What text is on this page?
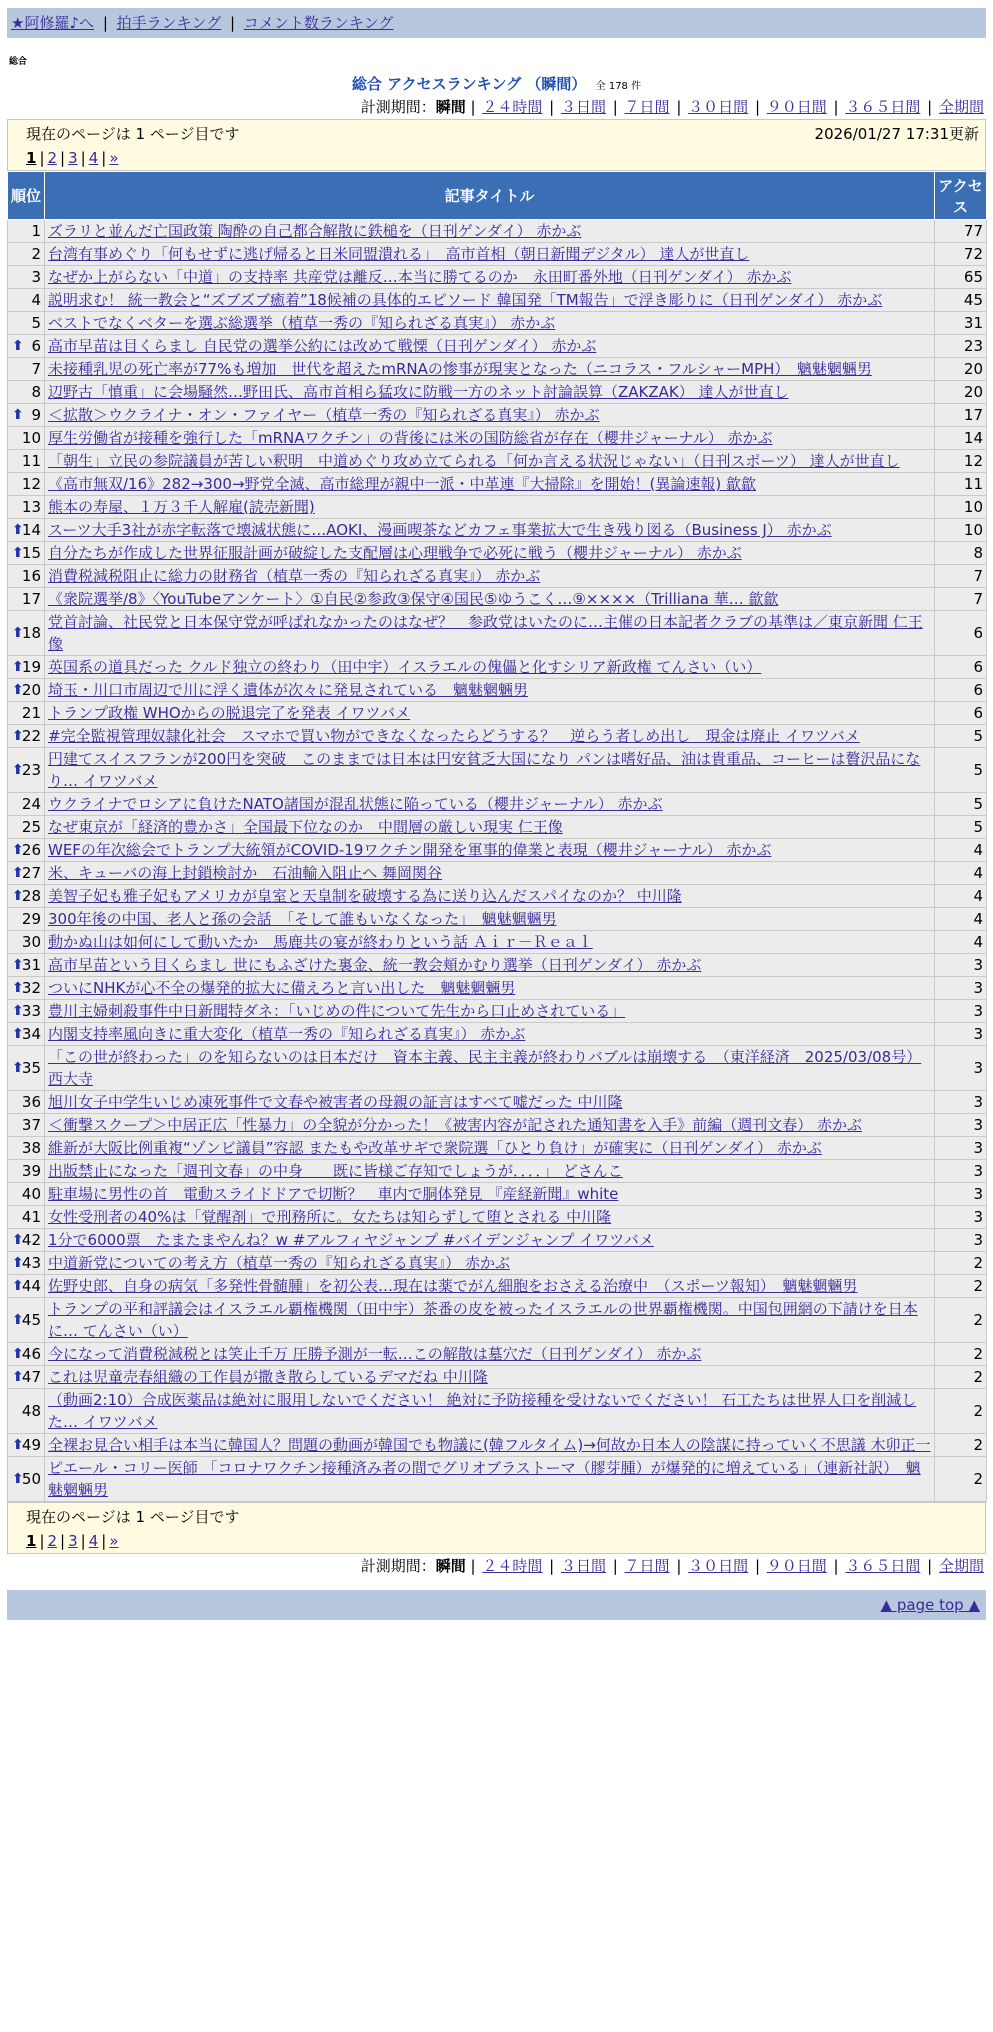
★阿修羅♪へ | 拍手ランキング | コメント数ランキング
総合
総合 アクセスランキング （瞬間） 全 178 件
計測期間：瞬間 | ２４時間 | ３日間 | ７日間 | ３０日間 | ９０日間 | ３６５日間 | 全期間
現在のページは 1 ページ目です	2026/01/27 17:31更新
1 | 2 | 3 | 4 | »
順位	記事タイトル	アクセス
1	ズラリと並んだ亡国政策 陶酔の自己都合解散に鉄槌を（日刊ゲンダイ） 赤かぶ	77
2	台湾有事めぐり「何もせずに逃げ帰ると日米同盟潰れる」　高市首相（朝日新聞デジタル） 達人が世直し	72
3	なぜか上がらない「中道」の支持率 共産党は離反…本当に勝てるのか　永田町番外地（日刊ゲンダイ） 赤かぶ	65
4	説明求む！ 統一教会と“ズブズブ癒着”18候補の具体的エピソード 韓国発「TM報告」で浮き彫りに（日刊ゲンダイ） 赤かぶ	45
5	ベストでなくベターを選ぶ総選挙（植草一秀の『知られざる真実』） 赤かぶ	31

⬆ 6	高市早苗は目くらまし 自民党の選挙公約には改めて戦慄（日刊ゲンダイ） 赤かぶ	23
7	未接種乳児の死亡率が77%も増加　世代を超えたmRNAの惨事が現実となった（ニコラス・フルシャーMPH）　魑魅魍魎男	20
8	辺野古「慎重」に会場騒然…野田氏、高市首相ら猛攻に防戦一方のネット討論誤算（ZAKZAK） 達人が世直し	20

⬆ 9	＜拡散＞ウクライナ・オン・ファイヤー（植草一秀の『知られざる真実』） 赤かぶ	17
10	厚生労働省が接種を強行した「mRNAワクチン」の背後には米の国防総省が存在（櫻井ジャーナル） 赤かぶ	14
11	「朝生」立民の参院議員が苦しい釈明　中道めぐり攻め立てられる「何か言える状況じゃない」（日刊スポーツ） 達人が世直し	12
12	《高市無双/16》282→300→野党全滅、高市総理が親中一派・中革連『大掃除』を開始！(異論速報) 歙歙	11
13	熊本の寿屋、１万３千人解雇(読売新聞)	10

⬆
14	スーツ大手3社が赤字転落で壊滅状態に…AOKI、漫画喫茶などカフェ事業拡大で生き残り図る（Business J） 赤かぶ	10

⬆
15	自分たちが作成した世界征服計画が破綻した支配層は心理戦争で必死に戦う（櫻井ジャーナル） 赤かぶ	8
16	消費税減税阻止に総力の財務省（植草一秀の『知られざる真実』） 赤かぶ	7
17	《衆院選挙/8》〈YouTubeアンケート〉①自民②参政③保守④国民⑤ゆうこく…⑨××××（Trilliana 華… 歙歙	7

⬆
18	党首討論、社民党と日本保守党が呼ばれなかったのはなぜ？　参政党はいたのに…主催の日本記者クラブの基準は／東京新聞 仁王像	6

⬆
19	英国系の道具だった クルド独立の終わり（田中宇）イスラエルの傀儡と化すシリア新政権 てんさい（い）	6

⬆
20	埼玉・川口市周辺で川に浮く遺体が次々に発見されている　魑魅魍魎男	6
21	トランプ政権 WHOからの脱退完了を発表 イワツバメ	6

⬆
22	#完全監視管理奴隷化社会　スマホで買い物ができなくなったらどうする？　逆らう者しめ出し　現金は廃止 イワツバメ	5

⬆
23	円建てスイスフランが200円を突破　このままでは日本は円安貧乏大国になり パンは嗜好品、油は貴重品、コーヒーは贅沢品になり… イワツバメ	5
24	ウクライナでロシアに負けたNATO諸国が混乱状態に陥っている（櫻井ジャーナル） 赤かぶ	5
25	なぜ東京が「経済的豊かさ」全国最下位なのか　中間層の厳しい現実 仁王像	5

⬆
26	WEFの年次総会でトランプ大統領がCOVID-19ワクチン開発を軍事的偉業と表現（櫻井ジャーナル） 赤かぶ	4

⬆
27	米、キューバの海上封鎖検討か　石油輸入阻止へ 舞岡関谷	4

⬆
28	美智子妃も雅子妃もアメリカが皇室と天皇制を破壊する為に送り込んだスパイなのか？ 中川隆	4
29	300年後の中国、老人と孫の会話　「そして誰もいなくなった」　魑魅魍魎男	4
30	動かぬ山は如何にして動いたか　馬鹿共の宴が終わりという話 Ａｉｒ－Ｒｅａｌ	4

⬆
31	高市早苗という目くらまし 世にもふざけた裏金、統一教会頬かむり選挙（日刊ゲンダイ） 赤かぶ	3

⬆
32	ついにNHKが心不全の爆発的拡大に備えろと言い出した　魑魅魍魎男	3

⬆
33	豊川主婦刺殺事件中日新聞特ダネ：「いじめの件について先生から口止めされている」	3

⬆
34	内閣支持率風向きに重大変化（植草一秀の『知られざる真実』） 赤かぶ	3

⬆
35	「この世が終わった」のを知らないのは日本だけ　資本主義、民主主義が終わりバブルは崩壊する　（東洋経済　2025/03/08号） 西大寺	3
36	旭川女子中学生いじめ凍死事件で文春や被害者の母親の証言はすべて嘘だった 中川隆	3
37	＜衝撃スクープ＞中居正広「性暴力」の全貌が分かった！《被害内容が記された通知書を入手》前編（週刊文春） 赤かぶ	3
38	維新が大阪比例重複“ゾンビ議員”容認 またもや改革サギで衆院選「ひとり負け」が確実に（日刊ゲンダイ） 赤かぶ	3
39	出版禁止になった「週刊文春」の中身　　既に皆様ご存知でしょうが．．．．」 どさんこ	3
40	駐車場に男性の首　電動スライドドアで切断？　車内で胴体発見 『産経新聞』white	3
41	女性受刑者の40%は「覚醒剤」で刑務所に。女たちは知らずして堕とされる 中川隆	3

⬆
42	1分で6000票　たまたまやんね？w #アルフィヤジャンプ #バイデンジャンプ イワツバメ	3

⬆
43	中道新党についての考え方（植草一秀の『知られざる真実』） 赤かぶ	2

⬆
44	佐野史郎、自身の病気「多発性骨髄腫」を初公表…現在は薬でがん細胞をおさえる治療中　（スポーツ報知）　魑魅魍魎男	2

⬆
45	トランプの平和評議会はイスラエル覇権機関（田中宇）茶番の皮を被ったイスラエルの世界覇権機関。中国包囲網の下請けを日本に… てんさい（い）	2

⬆
46	今になって消費税減税とは笑止千万 圧勝予測が一転…この解散は墓穴だ（日刊ゲンダイ） 赤かぶ	2

⬆
47	これは児童売春組織の工作員が撒き散らしているデマだね 中川隆	2
48	（動画2:10）合成医薬品は絶対に服用しないでください！ 絶対に予防接種を受けないでください！ 石工たちは世界人口を削減した… イワツバメ	2

⬆
49	全裸お見合い相手は本当に韓国人？問題の動画が韓国でも物議に(韓フルタイム)→何故か日本人の陰謀に持っていく不思議 木卯正一	2

⬆
50	ピエール・コリー医師 「コロナワクチン接種済み者の間でグリオブラストーマ（膠芽腫）が爆発的に増えている」（連新社訳）　魑魅魍魎男	2
現在のページは 1 ページ目です
1 | 2 | 3 | 4 | »
計測期間：瞬間 | ２４時間 | ３日間 | ７日間 | ３０日間 | ９０日間 | ３６５日間 | 全期間
▲ page top ▲
